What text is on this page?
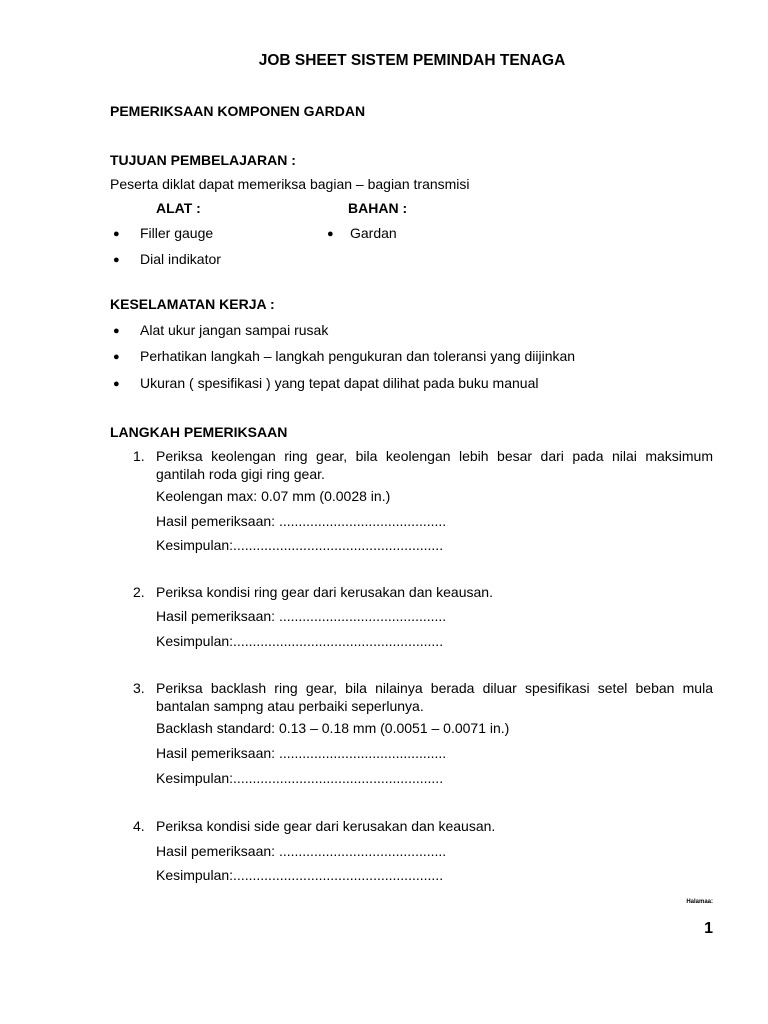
JOB SHEET SISTEM PEMINDAH TENAGA
PEMERIKSAAN KOMPONEN GARDAN
TUJUAN PEMBELAJARAN :
Peserta diklat dapat memeriksa bagian – bagian transmisi
ALAT :	BAHAN :
● Filler gauge
● Dial indikator
● Gardan
KESELAMATAN KERJA :
● Alat ukur jangan sampai rusak
● Perhatikan langkah – langkah pengukuran dan toleransi yang diijinkan
● Ukuran ( spesifikasi ) yang tepat dapat dilihat pada buku manual
LANGKAH PEMERIKSAAN
1. Periksa keolengan ring gear, bila keolengan lebih besar dari pada nilai maksimum gantilah roda gigi ring gear.
Keolengan max: 0.07 mm (0.0028 in.)
Hasil pemeriksaan: ...........................................
Kesimpulan:......................................................
2. Periksa kondisi ring gear dari kerusakan dan keausan.
Hasil pemeriksaan: ...........................................
Kesimpulan:......................................................
3. Periksa backlash ring gear, bila nilainya berada diluar spesifikasi setel beban mula bantalan sampng atau perbaiki seperlunya.
Backlash standard: 0.13 – 0.18 mm (0.0051 – 0.0071 in.)
Hasil pemeriksaan: ...........................................
Kesimpulan:......................................................
4. Periksa kondisi side gear dari kerusakan dan keausan.
Hasil pemeriksaan: ...........................................
Kesimpulan:......................................................
Halamaa:
1
